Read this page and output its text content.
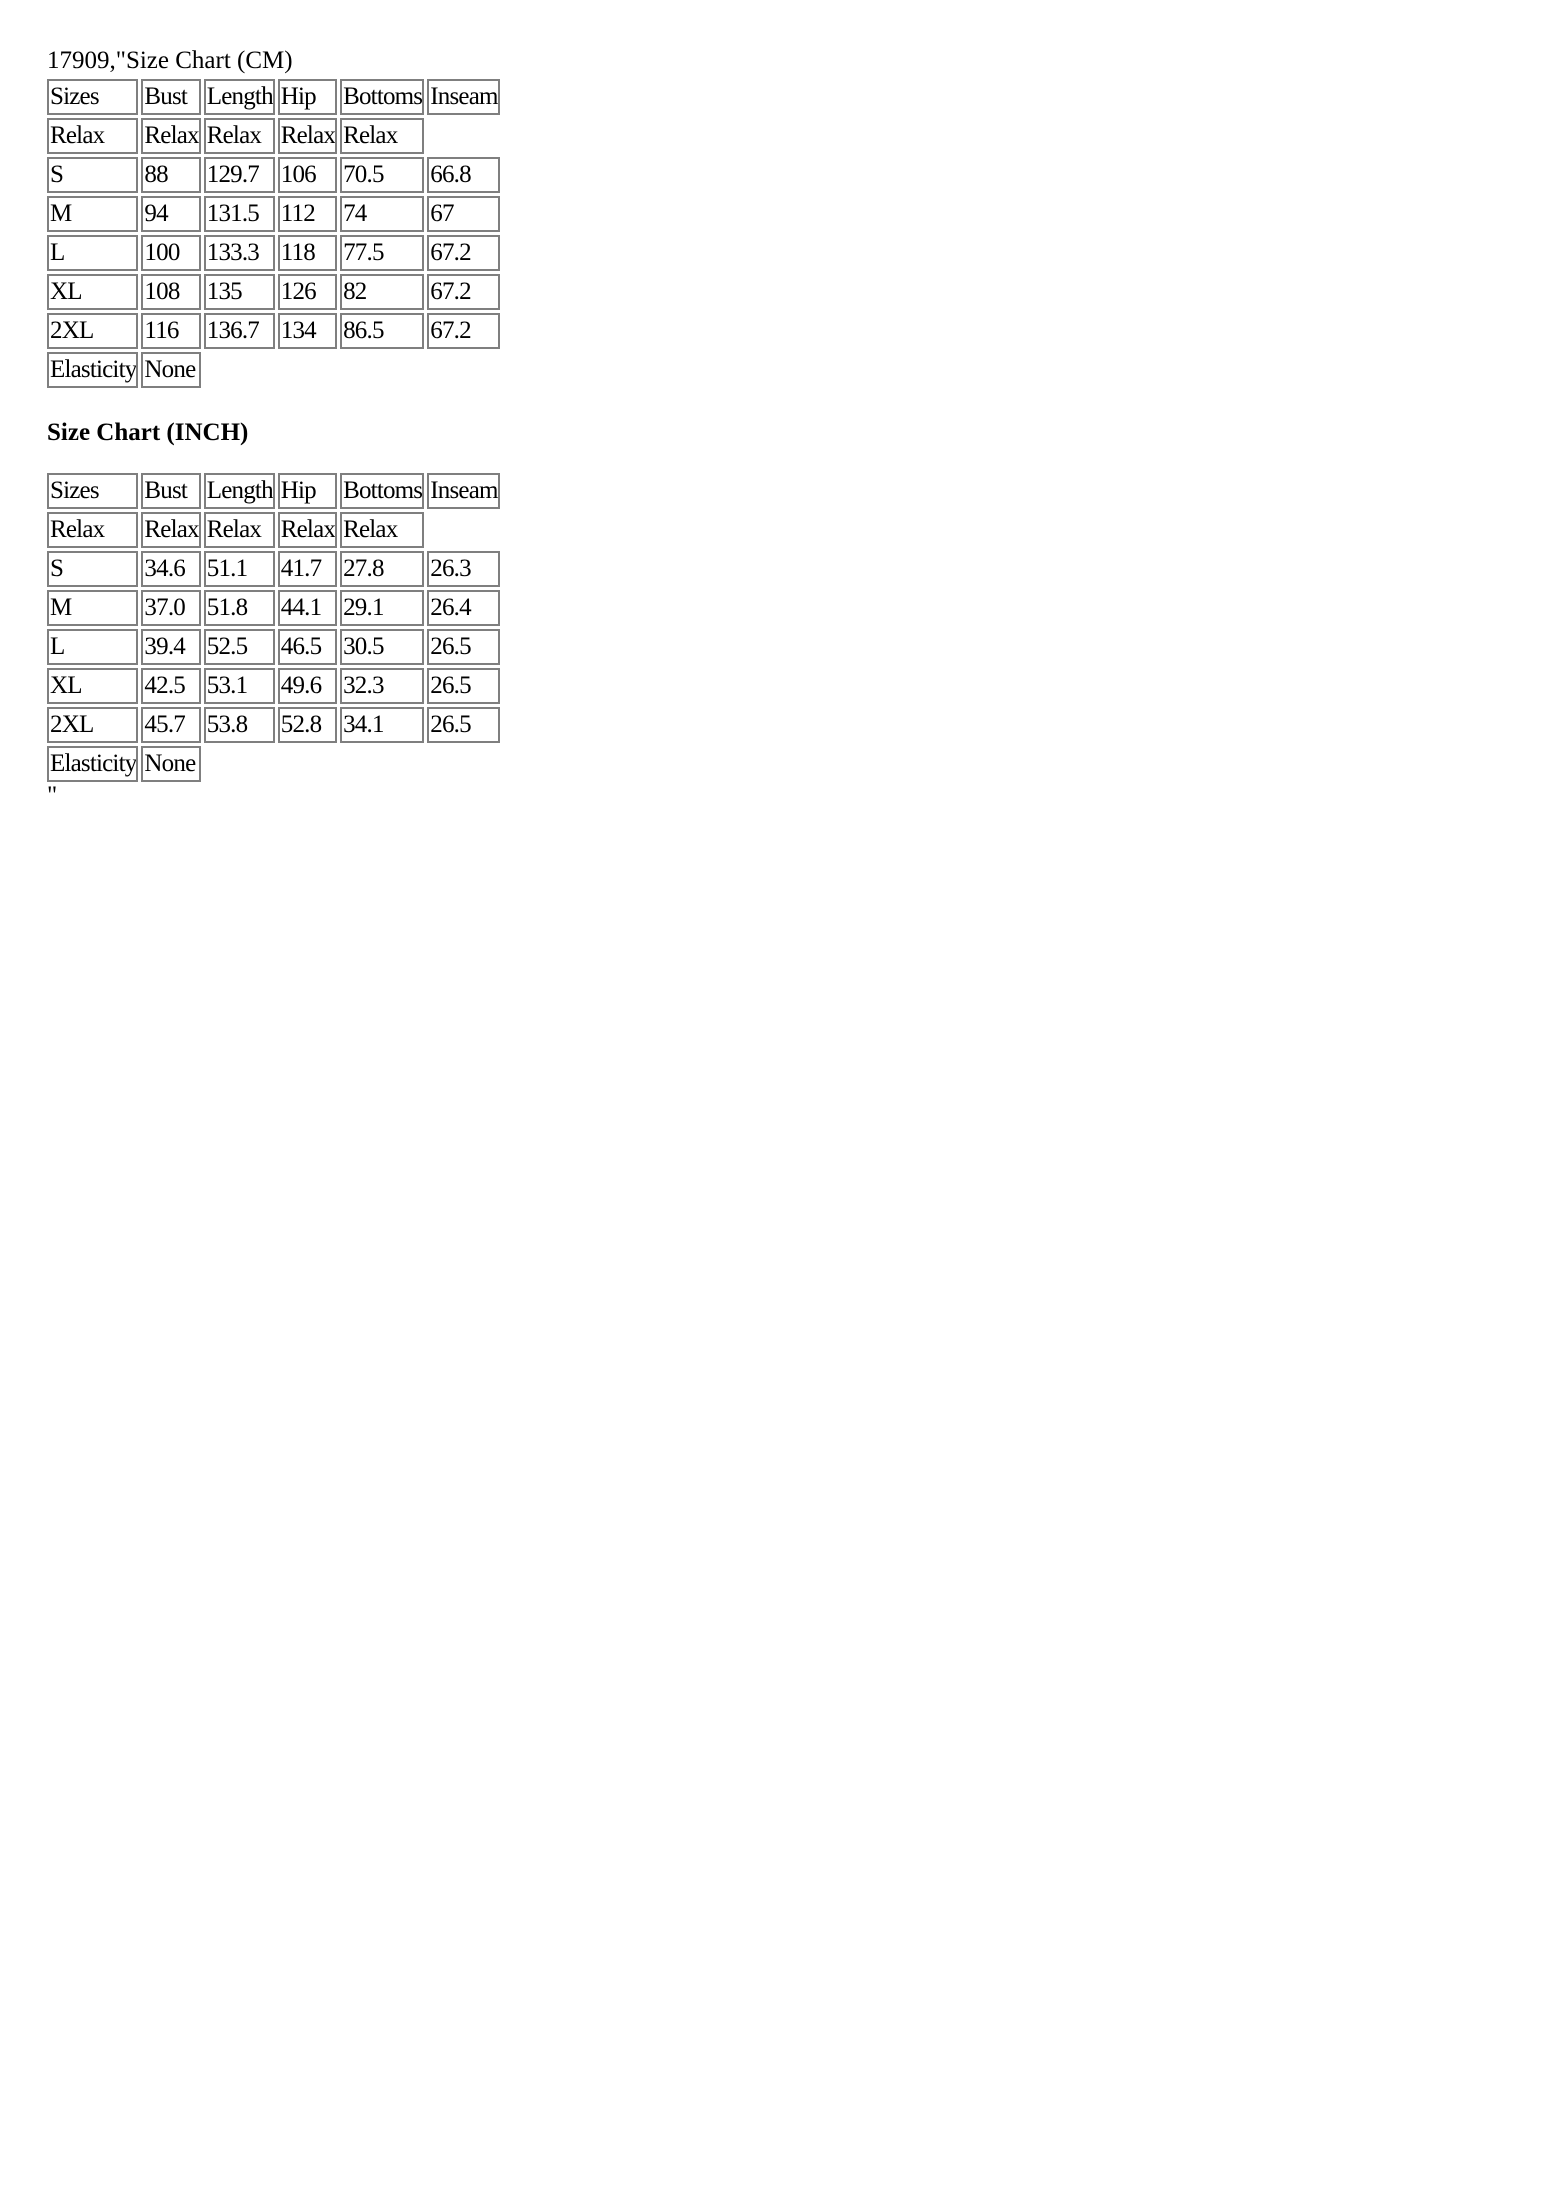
17909,"Size Chart (CM)
Sizes	Bust	Length	Hip	Bottoms	Inseam
Relax	Relax	Relax	Relax	Relax	
S	88	129.7	106	70.5	66.8
M	94	131.5	112	74	67
L	100	133.3	118	77.5	67.2
XL	108	135	126	82	67.2
2XL	116	136.7	134	86.5	67.2
Elasticity	None				
Size Chart (INCH)
Sizes	Bust	Length	Hip	Bottoms	Inseam
Relax	Relax	Relax	Relax	Relax	
S	34.6	51.1	41.7	27.8	26.3
M	37.0	51.8	44.1	29.1	26.4
L	39.4	52.5	46.5	30.5	26.5
XL	42.5	53.1	49.6	32.3	26.5
2XL	45.7	53.8	52.8	34.1	26.5
Elasticity	None				
"
